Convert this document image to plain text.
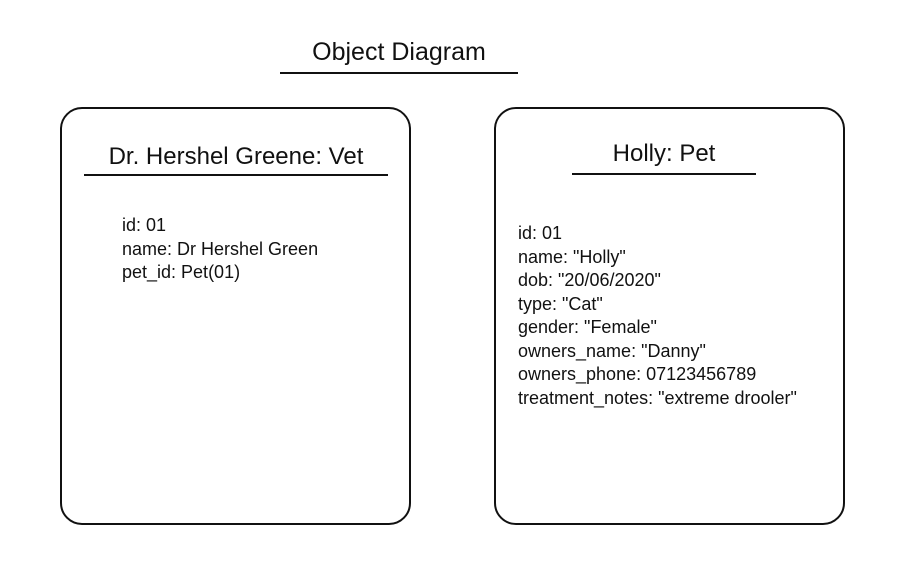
Object Diagram
Dr. Hershel Greene: Vet
id: 01
name: Dr Hershel Green
pet_id: Pet(01)
Holly: Pet
id: 01
name: "Holly"
dob: "20/06/2020"
type: "Cat"
gender: "Female"
owners_name: "Danny"
owners_phone: 07123456789
treatment_notes: "extreme drooler"
